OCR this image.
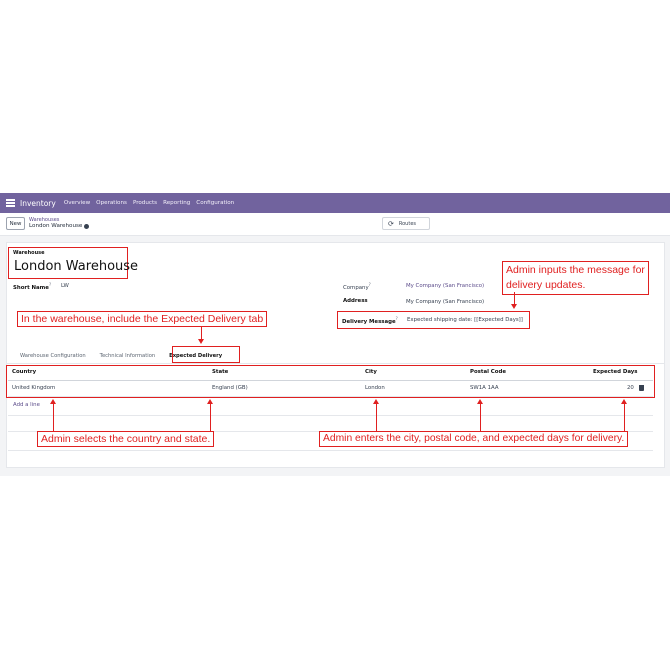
Inventory Overview Operations Products Reporting Configuration
New
Warehouses
London Warehouse	⟳ Routes
Warehouse
London Warehouse
Short Name? LW	Company?	My Company (San Francisco)
Address	My Company (San Francisco)
Delivery Message? Expected shipping date: [[Expected Days]]
Admin inputs the message for
delivery updates.
In the warehouse, include the Expected Delivery tab
Warehouse Configuration	Technical Information	Expected Delivery
Country	State	City	Postal Code	Expected Days
United Kingdom	England (GB)	London	SW1A 1AA	20
Add a line
Admin selects the country and state.	Admin enters the city, postal code, and expected days for delivery.
